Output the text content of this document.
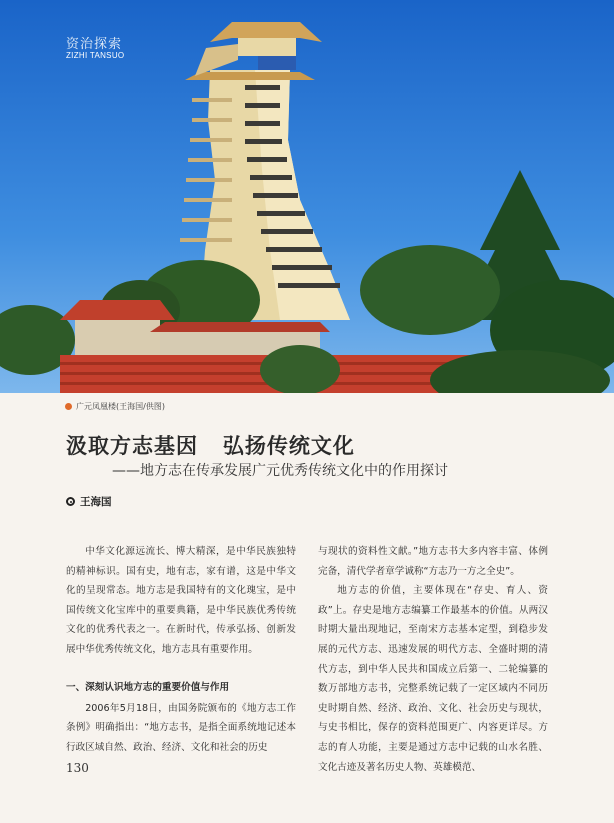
资治探索
ZIZHI TANSUO
广元凤凰楼(王海国/供图)
汲取方志基因   弘扬传统文化
——地方志在传承发展广元优秀传统文化中的作用探讨
王海国

中华文化源远流长、博大精深，是中华民族独特的精神标识。国有史，地有志，家有谱，这是中华文化的呈现常态。地方志是我国特有的文化瑰宝，是中国传统文化宝库中的重要典籍，是中华民族优秀传统文化的优秀代表之一。在新时代，传承弘扬、创新发展中华优秀传统文化，地方志具有重要作用。

一、深刻认识地方志的重要价值与作用

2006年5月18日，由国务院颁布的《地方志工作条例》明确指出：“地方志书，是指全面系统地记述本行政区域自然、政治、经济、文化和社会的历史

与现状的资料性文献。”地方志书大多内容丰富、体例完备，清代学者章学诚称“方志乃一方之全史”。

地方志的价值，主要体现在“存史、育人、资政”上。存史是地方志编纂工作最基本的价值。从两汉时期大量出现地记，至南宋方志基本定型，到稳步发展的元代方志、迅速发展的明代方志、全盛时期的清代方志，到中华人民共和国成立后第一、二轮编纂的数万部地方志书，完整系统记载了一定区域内不同历史时期自然、经济、政治、文化、社会历史与现状，与史书相比，保存的资料范围更广、内容更详尽。方志的育人功能，主要是通过方志中记载的山水名胜、文化古迹及著名历史人物、英雄模范、

130
